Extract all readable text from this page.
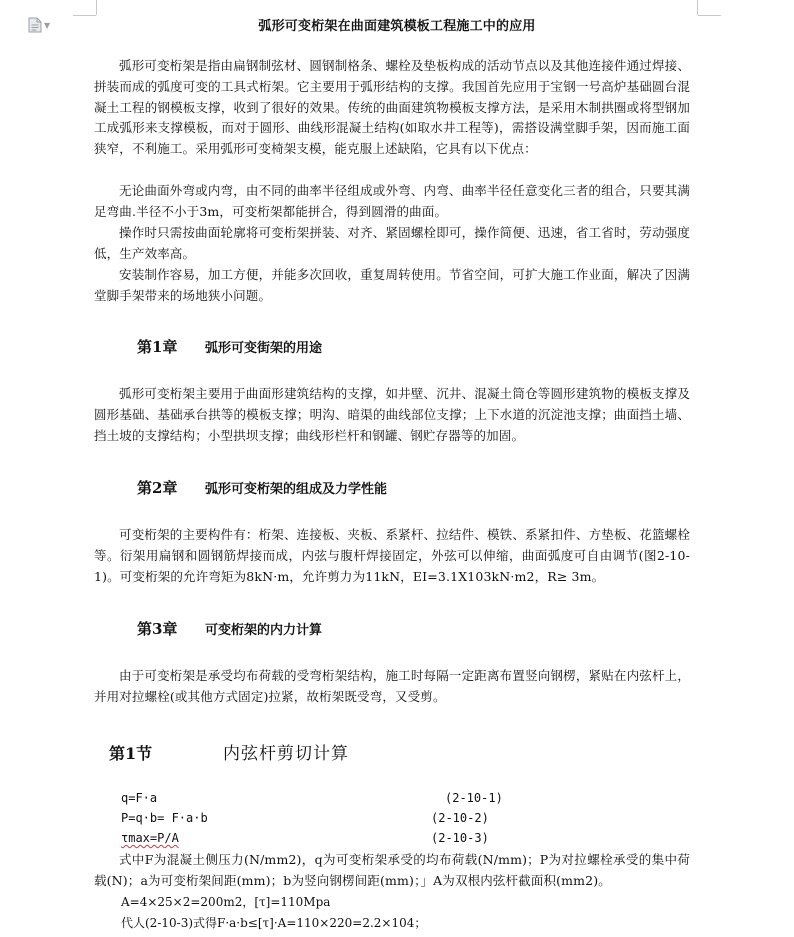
▼	弧形可变桁架在曲面建筑模板工程施工中的应用

弧形可变桁架是指由扁钢制弦材、圆钢制格条、螺栓及垫板构成的活动节点以及其他连接件通过焊接、拼装而成的弧度可变的工具式桁架。它主要用于弧形结构的支撑。我国首先应用于宝钢一号高炉基础圆台混凝土工程的钢模板支撑，收到了很好的效果。传统的曲面建筑物模板支撑方法，是采用木制拱圈或将型钢加工成弧形来支撑模板，而对于圆形、曲线形混凝土结构(如取水井工程等)，需搭设满堂脚手架，因而施工面狭窄，不利施工。采用弧形可变椅架支模，能克服上述缺陷，它具有以下优点：

无论曲面外弯或内弯，由不同的曲率半径组成或外弯、内弯、曲率半径任意变化三者的组合，只要其满足弯曲.半径不小于3m，可变桁架都能拼合，得到圆滑的曲面。

操作时只需按曲面轮廓将可变桁架拼装、对齐、紧固螺栓即可，操作简便、迅速，省工省时，劳动强度低，生产效率高。

安装制作容易，加工方便，并能多次回收，重复周转使用。节省空间，可扩大施工作业面，解决了因满堂脚手架带来的场地狭小问题。

第1章	弧形可变街架的用途

弧形可变桁架主要用于曲面形建筑结构的支撑，如井壁、沉井、混凝土筒仓等圆形建筑物的模板支撑及圆形基础、基础承台拱等的模板支撑；明沟、暗渠的曲线部位支撑；上下水道的沉淀池支撑；曲面挡土墙、挡土坡的支撑结构；小型拱坝支撑；曲线形栏杆和钢罐、钢贮存器等的加固。

第2章	弧形可变桁架的组成及力学性能

可变桁架的主要构件有：桁架、连接板、夹板、系紧杆、拉结件、模铁、系紧扣件、方垫板、花篮螺栓等。衍架用扁钢和圆钢筋焊接而成，内弦与腹杆焊接固定，外弦可以伸缩，曲面弧度可自由调节(图2-10-1)。可变桁架的允许弯矩为8kN·m，允许剪力为11kN，EI=3.1X103kN·m2，R≥ 3m。

第3章	可变桁架的内力计算

由于可变桁架是承受均布荷载的受弯桁架结构，施工时每隔一定距离布置竖向钢楞，紧贴在内弦杆上，并用对拉螺栓(或其他方式固定)拉紧，故桁架既受弯，又受剪。

第1节	内弦杆剪切计算
q=F·a	(2-10-1)
P=q·b= F·a·b	(2-10-2)
τmax=P/A	(2-10-3)

式中F为混凝土侧压力(N/mm2)，q为可变桁架承受的均布荷载(N/mm)；P为对拉螺栓承受的集中荷载(N)；a为可变桁架间距(mm)；b为竖向钢楞间距(mm)；」A为双根内弦杆截面积(mm2)。

A=4×25×2=200m2，[τ]=110Mpa
代人(2-10-3)式得F·a·b≤[τ]·A=110×220=2.2×104；
